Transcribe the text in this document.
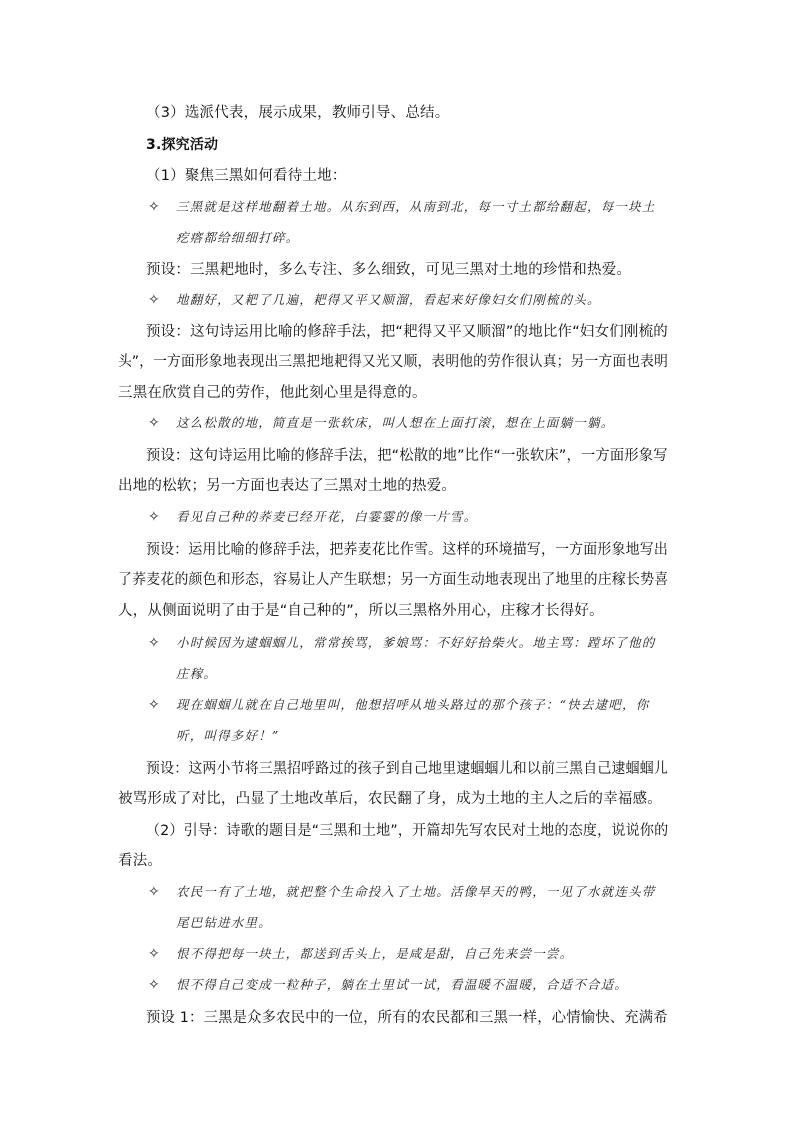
（3）选派代表，展示成果，教师引导、总结。
3.探究活动
（1）聚焦三黑如何看待土地：
✧ 三黑就是这样地翻着土地。从东到西，从南到北，每一寸土都给翻起，每一块土
疙瘩都给细细打碎。
预设：三黑耙地时，多么专注、多么细致，可见三黑对土地的珍惜和热爱。
✧ 地翻好，又耙了几遍，耙得又平又顺溜，看起来好像妇女们刚梳的头。
预设：这句诗运用比喻的修辞手法，把“耙得又平又顺溜”的地比作“妇女们刚梳的
头”，一方面形象地表现出三黑把地耙得又光又顺，表明他的劳作很认真；另一方面也表明
三黑在欣赏自己的劳作，他此刻心里是得意的。
✧ 这么松散的地，简直是一张软床，叫人想在上面打滚，想在上面躺一躺。
预设：这句诗运用比喻的修辞手法，把“松散的地”比作“一张软床”，一方面形象写
出地的松软；另一方面也表达了三黑对土地的热爱。
✧ 看见自己种的荞麦已经开花，白霎霎的像一片雪。
预设：运用比喻的修辞手法，把荞麦花比作雪。这样的环境描写，一方面形象地写出
了荞麦花的颜色和形态，容易让人产生联想；另一方面生动地表现出了地里的庄稼长势喜
人，从侧面说明了由于是“自己种的”，所以三黑格外用心，庄稼才长得好。
✧ 小时候因为逮蝈蝈儿，常常挨骂，爹娘骂：不好好拾柴火。地主骂：蹚坏了他的
庄稼。
✧ 现在蝈蝈儿就在自己地里叫，他想招呼从地头路过的那个孩子：“快去逮吧，你
听，叫得多好！”
预设：这两小节将三黑招呼路过的孩子到自己地里逮蝈蝈儿和以前三黑自己逮蝈蝈儿
被骂形成了对比，凸显了土地改革后，农民翻了身，成为土地的主人之后的幸福感。
（2）引导：诗歌的题目是“三黑和土地”，开篇却先写农民对土地的态度，说说你的
看法。
✧ 农民一有了土地，就把整个生命投入了土地。活像旱天的鸭，一见了水就连头带
尾巴钻进水里。
✧ 恨不得把每一块土，都送到舌头上，是咸是甜，自己先来尝一尝。
✧ 恨不得自己变成一粒种子，躺在土里试一试，看温暖不温暖，合适不合适。
预设 1：三黑是众多农民中的一位，所有的农民都和三黑一样，心情愉快、充满希
